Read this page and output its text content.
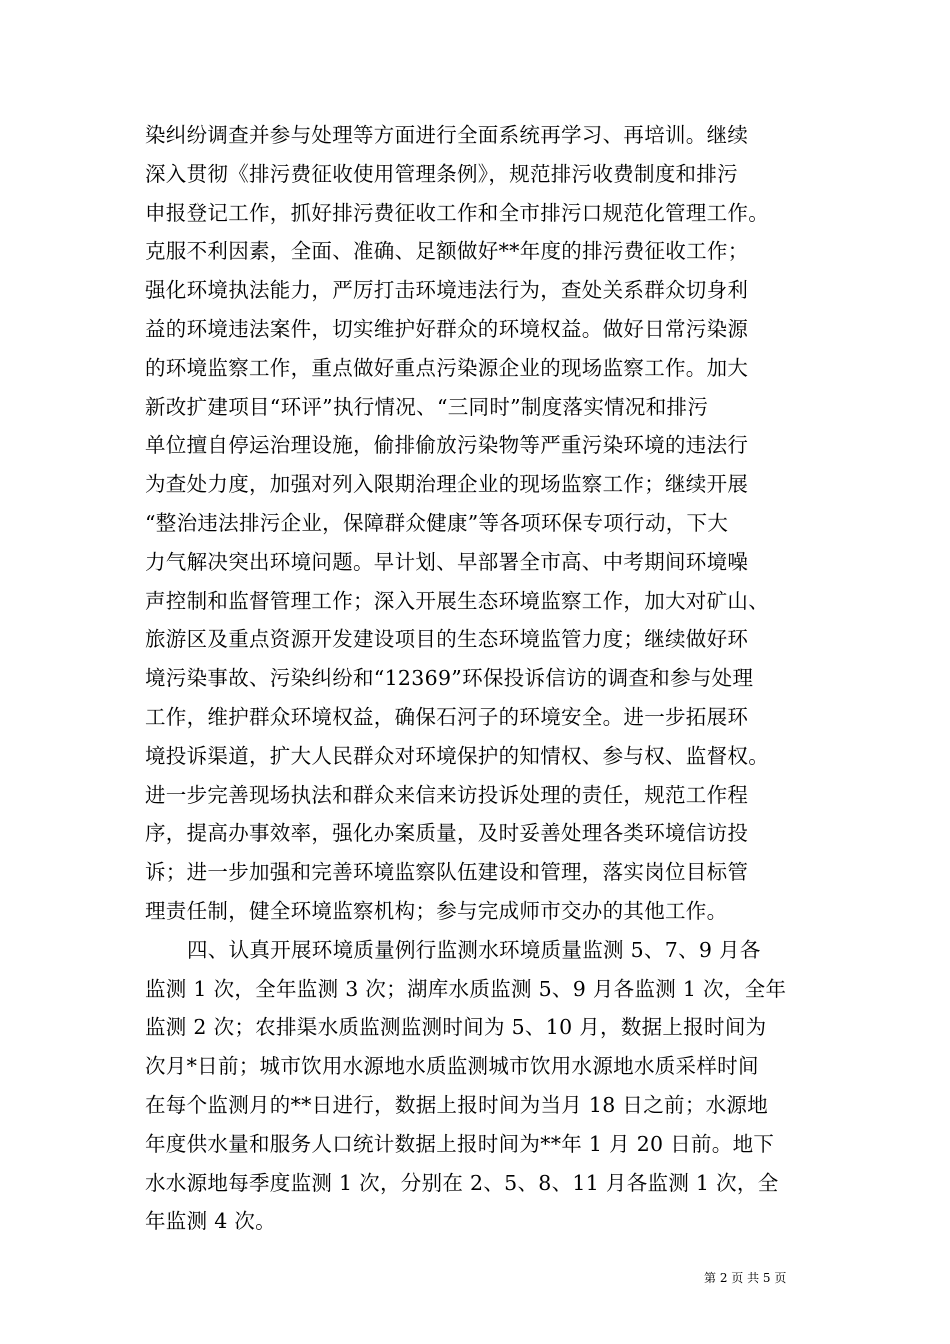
染纠纷调查并参与处理等方面进行全面系统再学习、再培训。继续
深入贯彻《排污费征收使用管理条例》，规范排污收费制度和排污
申报登记工作，抓好排污费征收工作和全市排污口规范化管理工作。
克服不利因素，全面、准确、足额做好**年度的排污费征收工作；
强化环境执法能力，严厉打击环境违法行为，查处关系群众切身利
益的环境违法案件，切实维护好群众的环境权益。做好日常污染源
的环境监察工作，重点做好重点污染源企业的现场监察工作。加大
新改扩建项目“环评”执行情况、“三同时”制度落实情况和排污
单位擅自停运治理设施，偷排偷放污染物等严重污染环境的违法行
为查处力度，加强对列入限期治理企业的现场监察工作；继续开展
“整治违法排污企业，保障群众健康”等各项环保专项行动，下大
力气解决突出环境问题。早计划、早部署全市高、中考期间环境噪
声控制和监督管理工作；深入开展生态环境监察工作，加大对矿山、
旅游区及重点资源开发建设项目的生态环境监管力度；继续做好环
境污染事故、污染纠纷和“12369”环保投诉信访的调查和参与处理
工作，维护群众环境权益，确保石河子的环境安全。进一步拓展环
境投诉渠道，扩大人民群众对环境保护的知情权、参与权、监督权。
进一步完善现场执法和群众来信来访投诉处理的责任，规范工作程
序，提高办事效率，强化办案质量，及时妥善处理各类环境信访投
诉；进一步加强和完善环境监察队伍建设和管理，落实岗位目标管
理责任制，健全环境监察机构；参与完成师市交办的其他工作。
四、认真开展环境质量例行监测水环境质量监测 5、7、9 月各
监测 1 次，全年监测 3 次；湖库水质监测 5、9 月各监测 1 次，全年
监测 2 次；农排渠水质监测监测时间为 5、10 月，数据上报时间为
次月*日前；城市饮用水源地水质监测城市饮用水源地水质采样时间
在每个监测月的**日进行，数据上报时间为当月 18 日之前；水源地
年度供水量和服务人口统计数据上报时间为**年 1 月 20 日前。地下
水水源地每季度监测 1 次，分别在 2、5、8、11 月各监测 1 次，全
年监测 4 次。
第 2 页 共 5 页
